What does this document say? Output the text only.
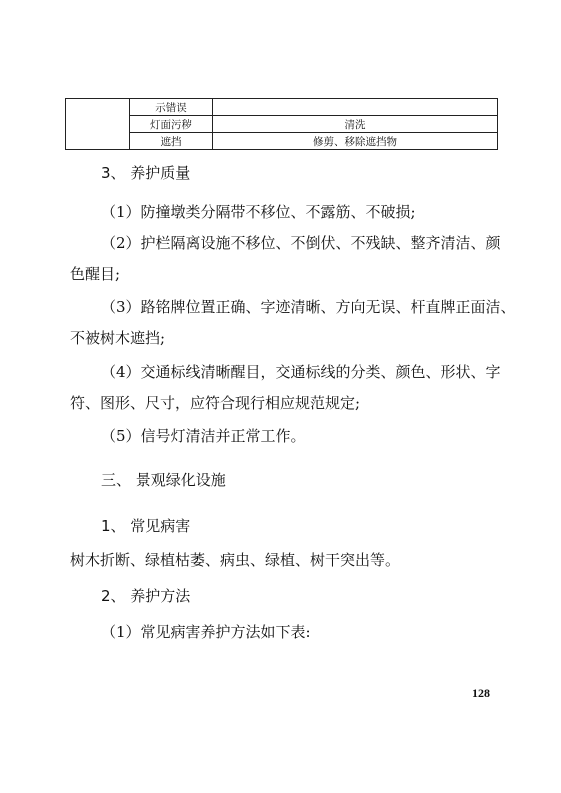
	示错误	
	灯面污秽	清洗
	遮挡	修剪、移除遮挡物
3、 养护质量
（1）防撞墩类分隔带不移位、不露筋、不破损;
（2）护栏隔离设施不移位、不倒伏、不残缺、整齐清洁、颜
色醒目;
（3）路铭牌位置正确、字迹清晰、方向无误、杆直牌正面洁、
不被树木遮挡;
（4）交通标线清晰醒目，交通标线的分类、颜色、形状、字
符、图形、尺寸，应符合现行相应规范规定;
（5）信号灯清洁并正常工作。
三、 景观绿化设施
1、 常见病害
树木折断、绿植枯萎、病虫、绿植、树干突出等。
2、 养护方法
（1）常见病害养护方法如下表:
128
